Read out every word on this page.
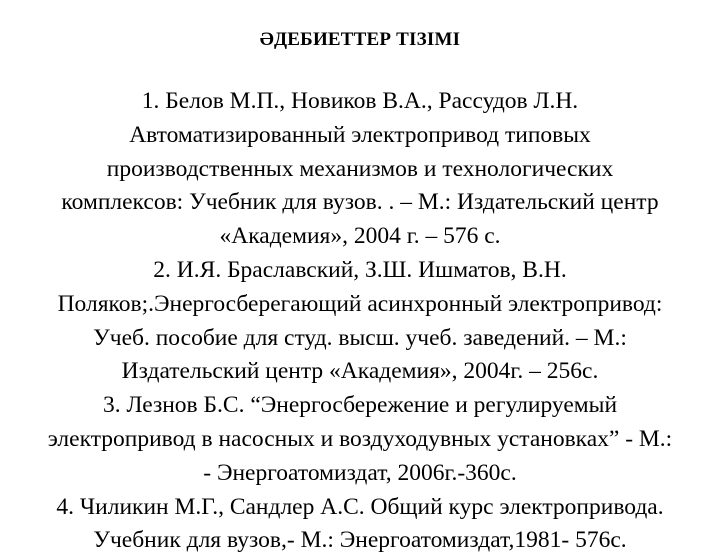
ӘДЕБИЕТТЕР ТІЗІМІ
1. Белов М.П., Новиков В.А., Рассудов Л.Н.
Автоматизированный электропривод типовых
производственных механизмов и технологических
комплексов: Учебник для вузов. . – М.: Издательский центр
«Академия», 2004 г. – 576 с.
2. И.Я. Браславский, З.Ш. Ишматов, В.Н.
Поляков;.Энергосберегающий асинхронный электропривод:
Учеб. пособие для студ. высш. учеб. заведений. – М.:
Издательский центр «Академия», 2004г. – 256с.
3. Лезнов Б.С. “Энергосбережение и регулируемый
электропривод в насосных и воздуходувных установках” - М.:
- Энергоатомиздат, 2006г.-360с.
4. Чиликин М.Г., Сандлер А.С. Общий курс электропривода.
Учебник для вузов,- М.: Энергоатомиздат,1981- 576с.
